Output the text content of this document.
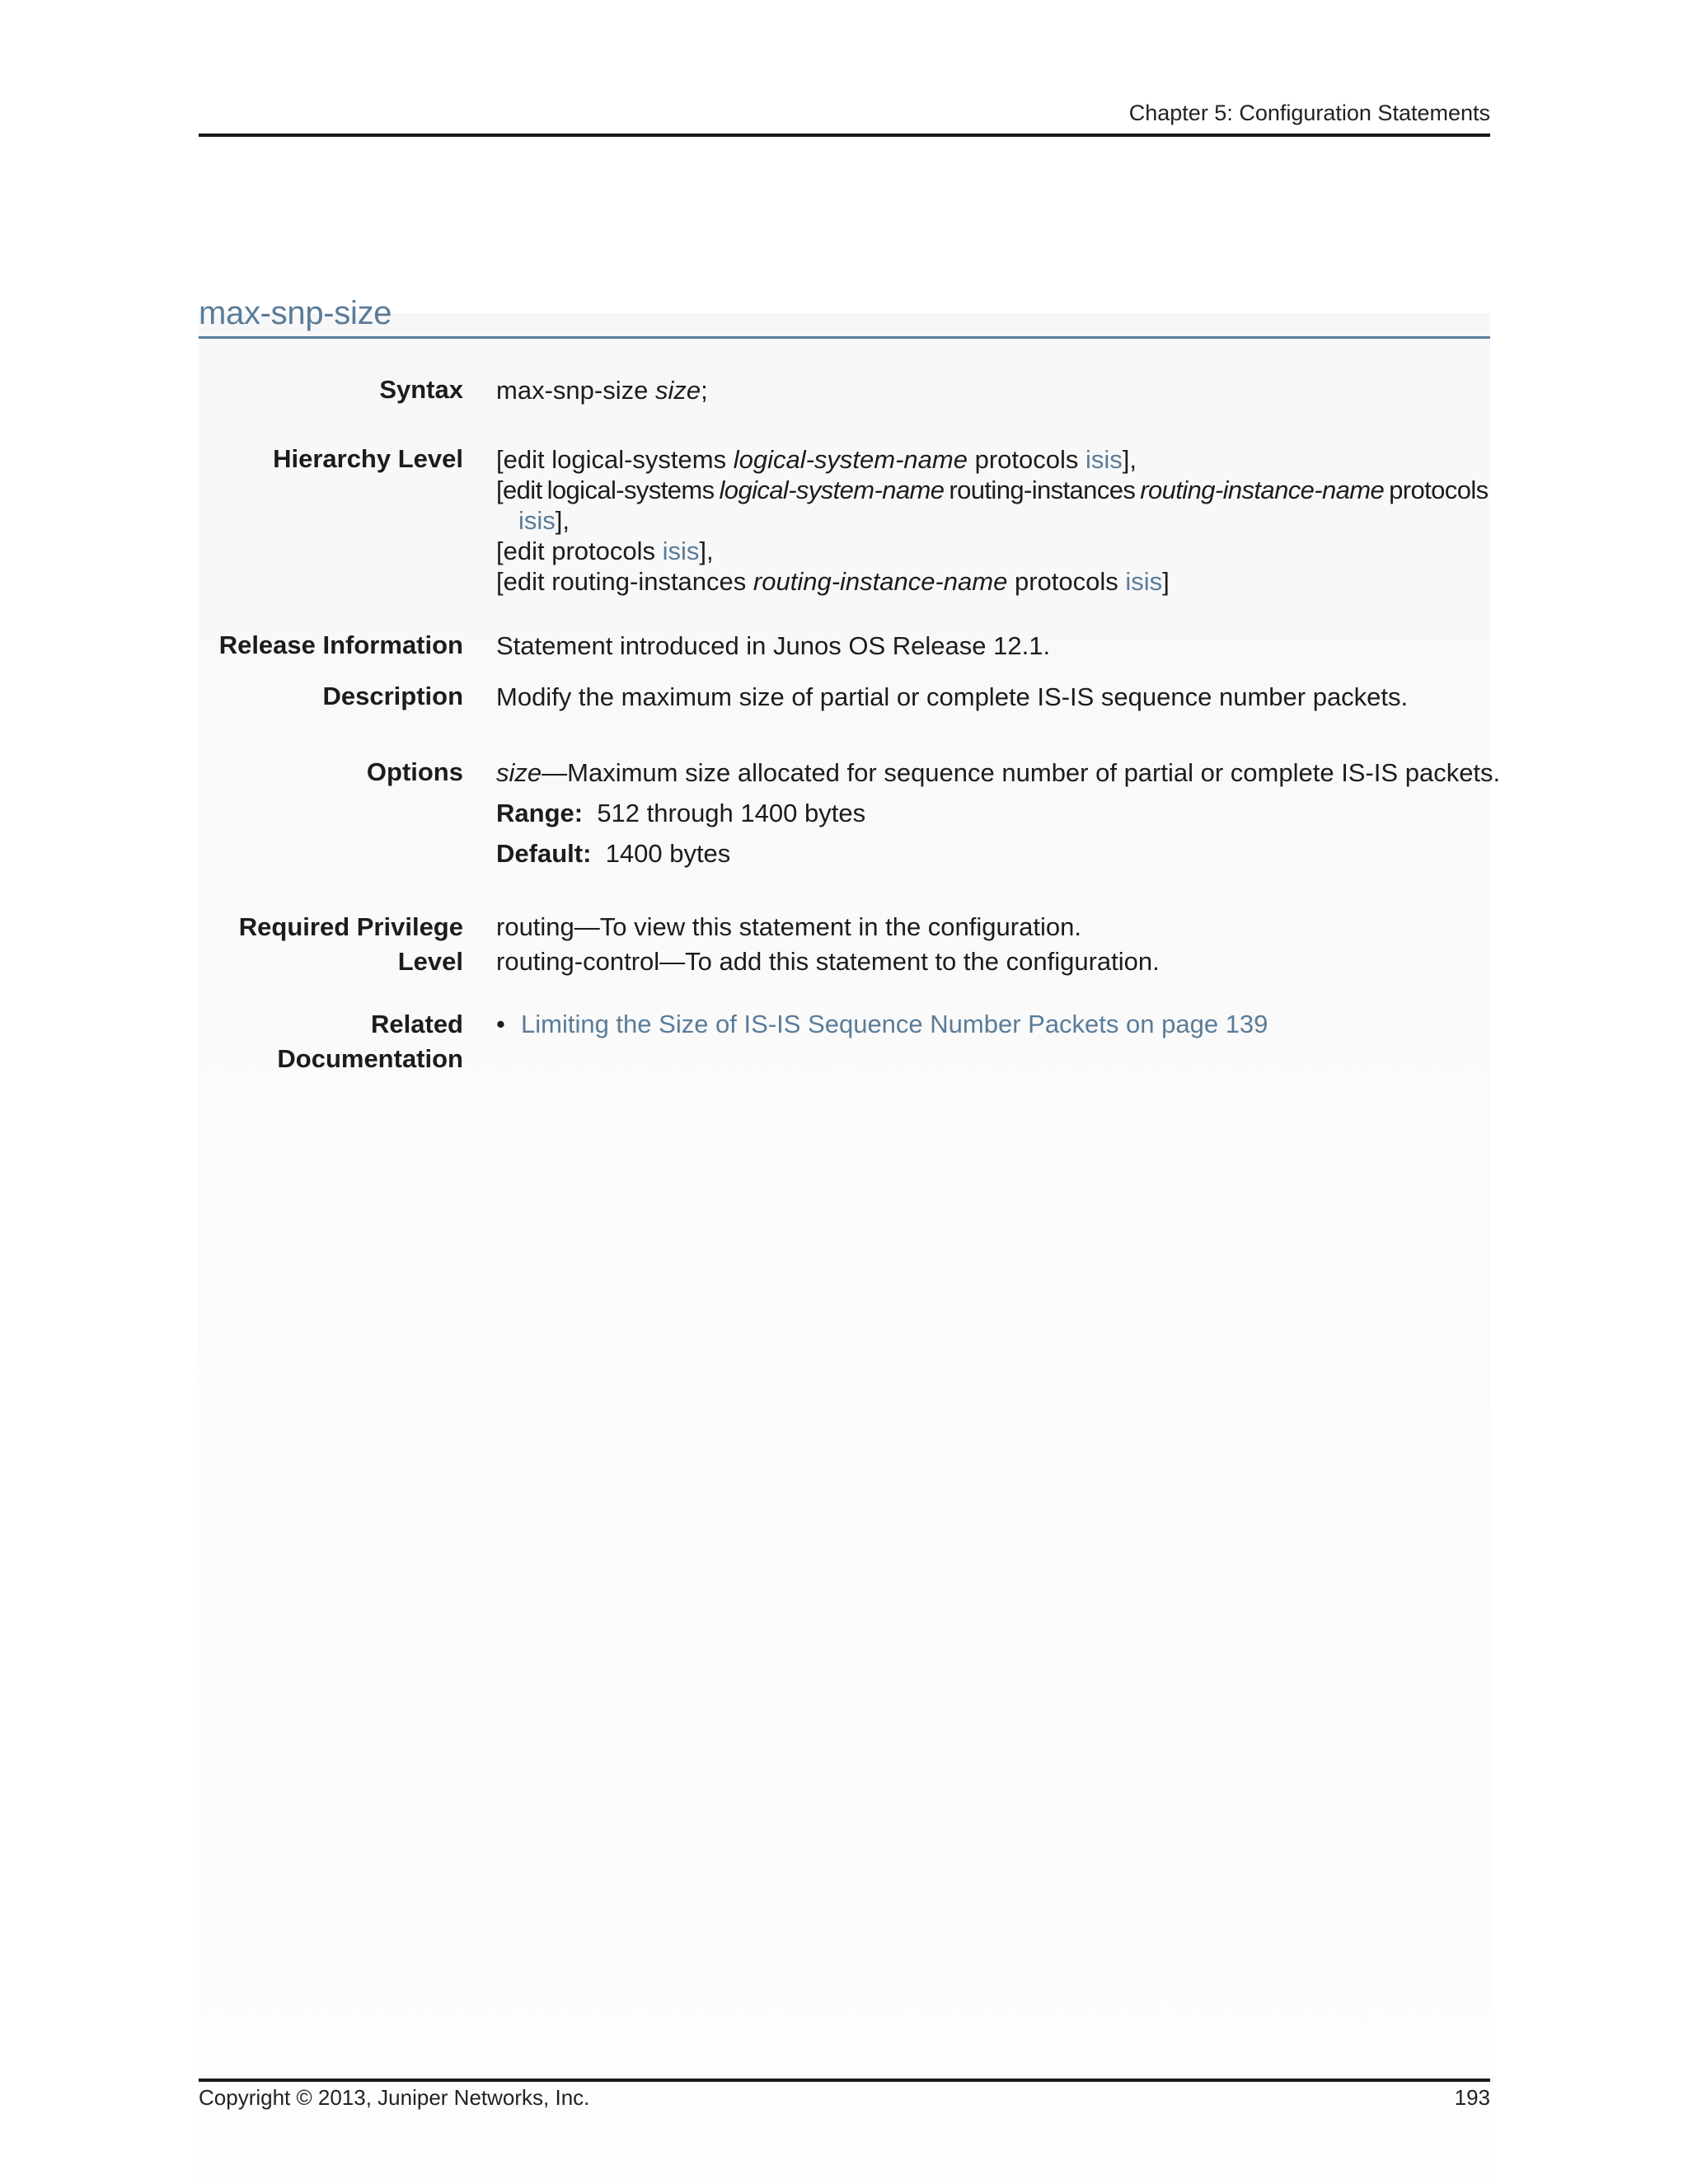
Chapter 5: Configuration Statements
max-snp-size
Syntax max-snp-size size;
Hierarchy Level [edit logical-systems logical-system-name protocols isis],
[edit logical-systems logical-system-name routing-instances routing-instance-name protocols
isis],
[edit protocols isis],
[edit routing-instances routing-instance-name protocols isis]
Release Information Statement introduced in Junos OS Release 12.1.
Description Modify the maximum size of partial or complete IS-IS sequence number packets.
Options size—Maximum size allocated for sequence number of partial or complete IS-IS packets.
Range: 512 through 1400 bytes
Default: 1400 bytes
Required Privilege
Level
routing—To view this statement in the configuration.
routing-control—To add this statement to the configuration.
Related
Documentation
• Limiting the Size of IS-IS Sequence Number Packets on page 139
Copyright © 2013, Juniper Networks, Inc.	193
